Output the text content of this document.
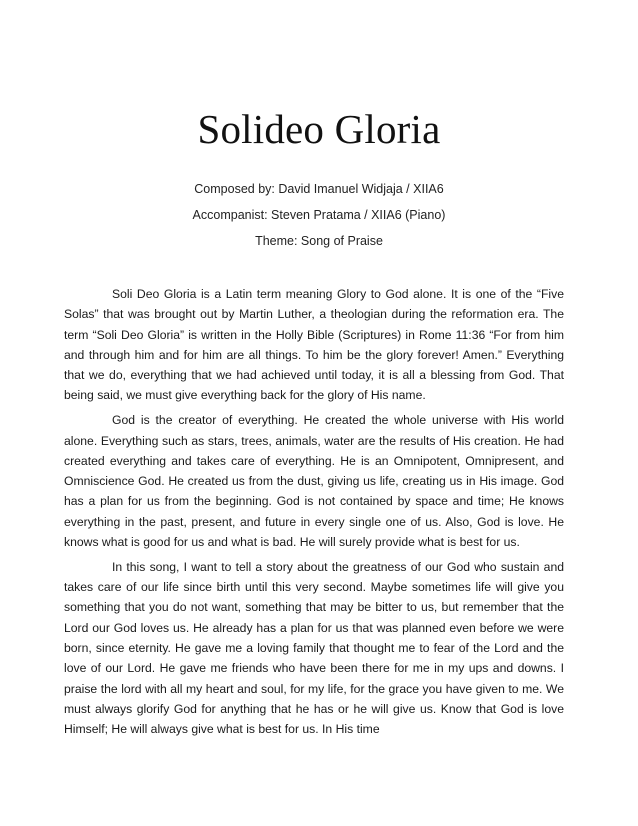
Solideo Gloria
Composed by: David Imanuel Widjaja / XIIA6
Accompanist: Steven Pratama / XIIA6 (Piano)
Theme: Song of Praise

Soli Deo Gloria is a Latin term meaning Glory to God alone. It is one of the “Five Solas” that was brought out by Martin Luther, a theologian during the reformation era. The term “Soli Deo Gloria” is written in the Holly Bible (Scriptures) in Rome 11:36 “For from him and through him and for him are all things. To him be the glory forever! Amen.” Everything that we do, everything that we had achieved until today, it is all a blessing from God. That being said, we must give everything back for the glory of His name.

God is the creator of everything. He created the whole universe with His world alone. Everything such as stars, trees, animals, water are the results of His creation. He had created everything and takes care of everything. He is an Omnipotent, Omnipresent, and Omniscience God. He created us from the dust, giving us life, creating us in His image. God has a plan for us from the beginning. God is not contained by space and time; He knows everything in the past, present, and future in every single one of us. Also, God is love. He knows what is good for us and what is bad. He will surely provide what is best for us.

In this song, I want to tell a story about the greatness of our God who sustain and takes care of our life since birth until this very second. Maybe sometimes life will give you something that you do not want, something that may be bitter to us, but remember that the Lord our God loves us. He already has a plan for us that was planned even before we were born, since eternity. He gave me a loving family that thought me to fear of the Lord and the love of our Lord. He gave me friends who have been there for me in my ups and downs. I praise the lord with all my heart and soul, for my life, for the grace you have given to me. We must always glorify God for anything that he has or he will give us. Know that God is love Himself; He will always give what is best for us. In His time
